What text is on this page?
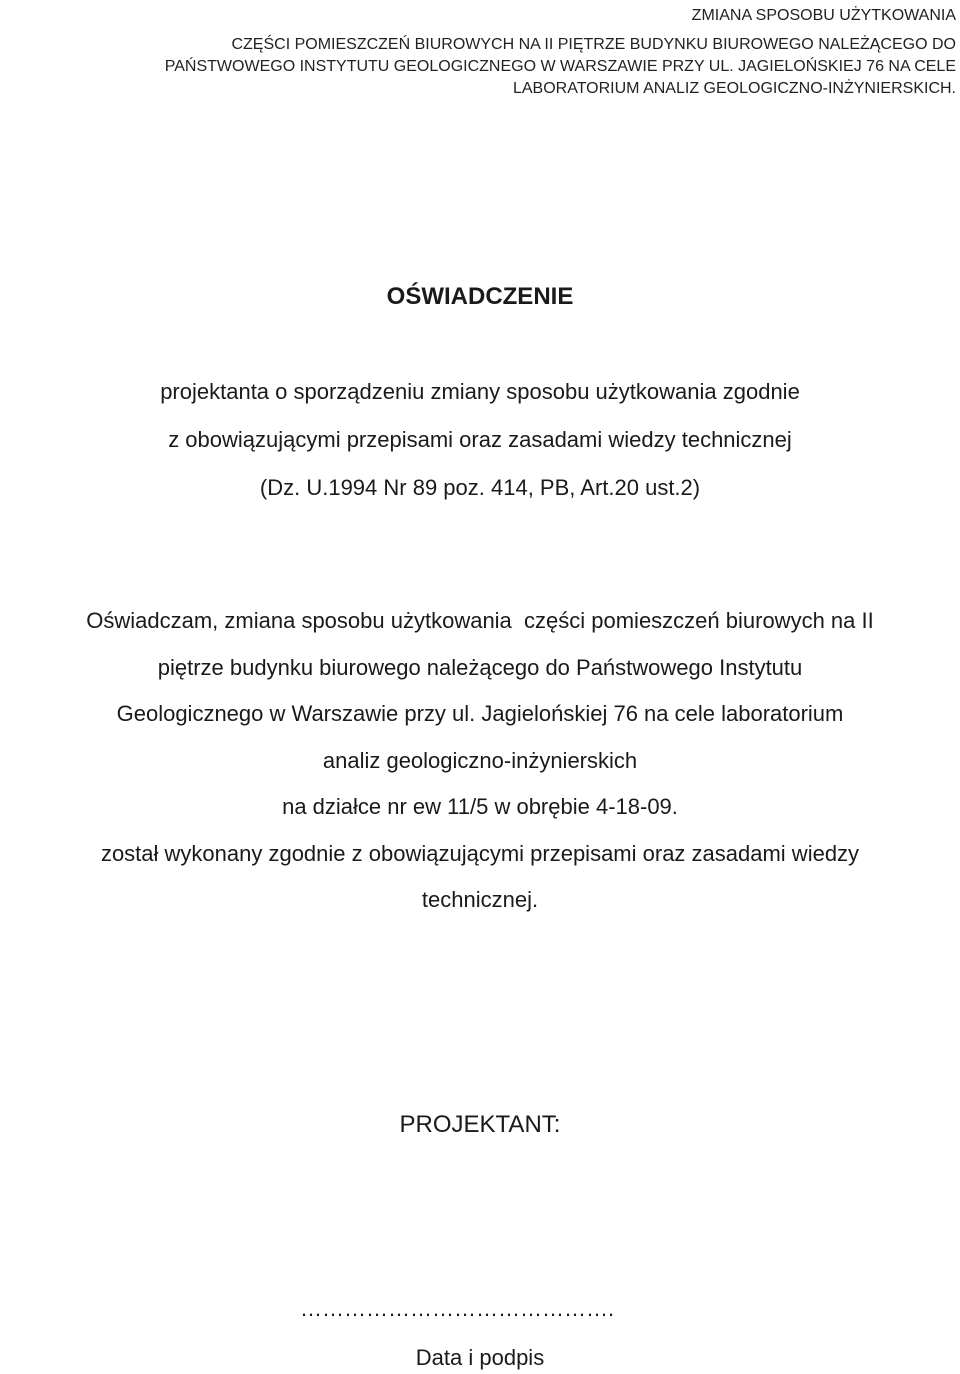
ZMIANA SPOSOBU UŻYTKOWANIA
CZĘŚCI POMIESZCZEŃ BIUROWYCH NA II PIĘTRZE BUDYNKU BIUROWEGO NALEŻĄCEGO DO
PAŃSTWOWEGO INSTYTUTU GEOLOGICZNEGO W WARSZAWIE PRZY UL. JAGIELOŃSKIEJ 76 NA CELE
LABORATORIUM ANALIZ GEOLOGICZNO-INŻYNIERSKICH.
OŚWIADCZENIE
projektanta o sporządzeniu zmiany sposobu użytkowania zgodnie
z obowiązującymi przepisami oraz zasadami wiedzy technicznej
(Dz. U.1994 Nr 89 poz. 414, PB, Art.20 ust.2)
Oświadczam, zmiana sposobu użytkowania  części pomieszczeń biurowych na II
piętrze budynku biurowego należącego do Państwowego Instytutu
Geologicznego w Warszawie przy ul. Jagielońskiej 76 na cele laboratorium
analiz geologiczno-inżynierskich
na działce nr ew 11/5 w obrębie 4-18-09.
został wykonany zgodnie z obowiązującymi przepisami oraz zasadami wiedzy
technicznej.
PROJEKTANT:
…………………………………….
Data i podpis
